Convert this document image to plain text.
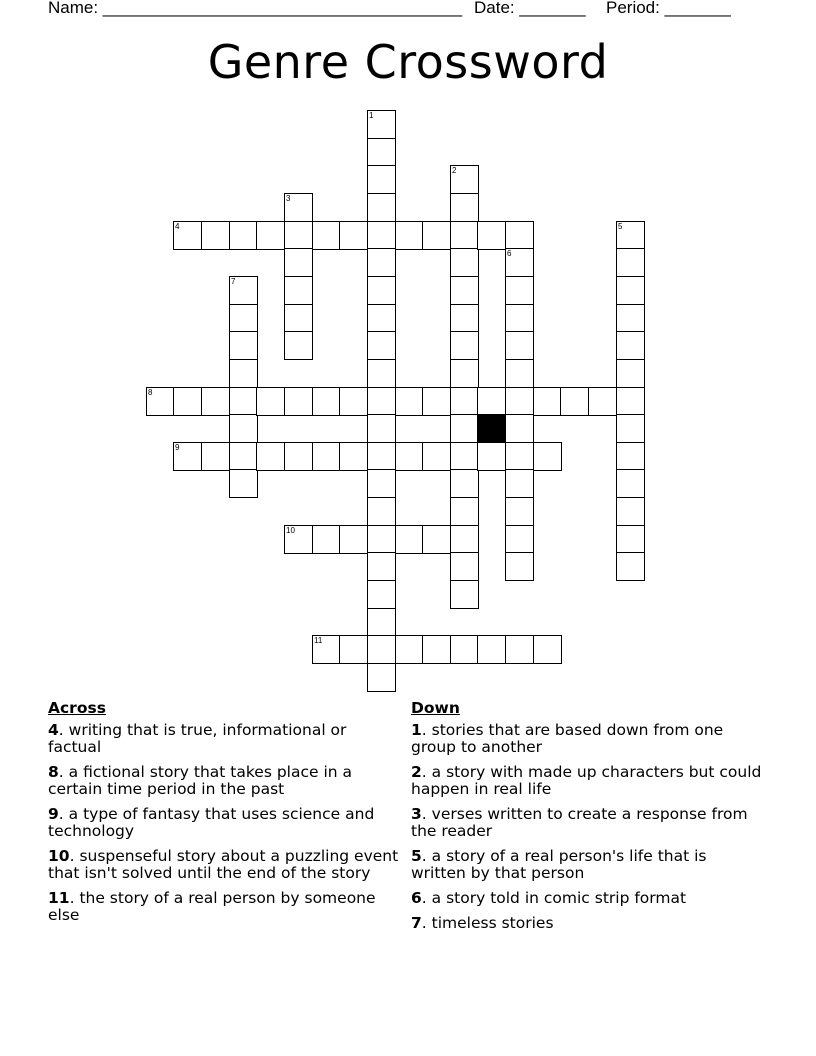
Name: ______________________________________ Date: _______ Period: _______
Genre Crossword
1
2
3
4	5
6
7
8
9
10
11
Across
4. writing that is true, informational or factual
8. a fictional story that takes place in a certain time period in the past
9. a type of fantasy that uses science and technology
10. suspenseful story about a puzzling event that isn't solved until the end of the story
11. the story of a real person by someone else
Down
1. stories that are based down from one group to another
2. a story with made up characters but could happen in real life
3. verses written to create a response from the reader
5. a story of a real person's life that is written by that person
6. a story told in comic strip format
7. timeless stories
